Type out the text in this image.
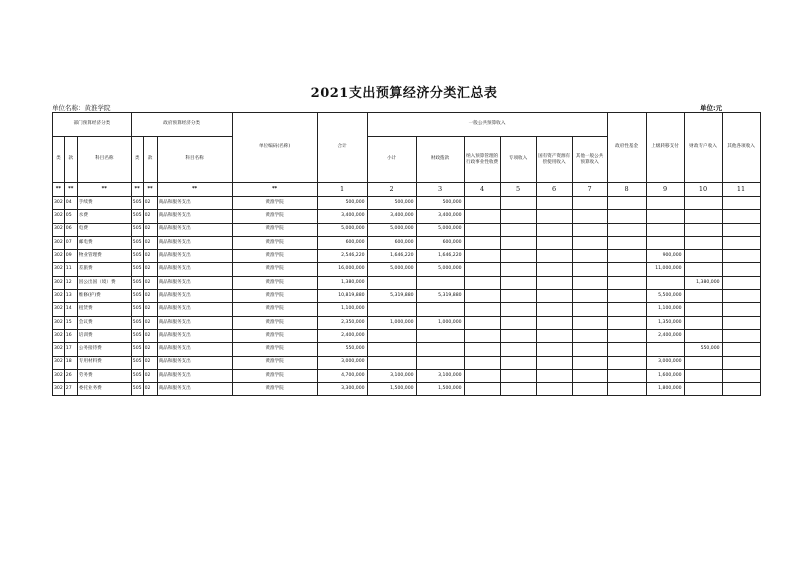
2021支出预算经济分类汇总表
单位名称：黄淮学院	单位:元
部门预算经济分类			政府预算经济分类			单位编码(名称)	合计	一般公共预算收入						政府性基金	上级转移支付	财政专户收入	其他各项收入
类	款	科目名称	类	款	科目名称			小计	财政拨款	纳入预算管理的行政事业性收费	专项收入	国有资产资源有偿使用收入	其他一般公共预算收入				
**	**	**	**	**	**	**	1	2	3	4	5	6	7	8	9	10	11
302	04	手续费	505	02	商品和服务支出	黄淮学院	500,000	500,000	500,000								
302	05	水费	505	02	商品和服务支出	黄淮学院	3,400,000	3,400,000	3,400,000								
302	06	电费	505	02	商品和服务支出	黄淮学院	5,000,000	5,000,000	5,000,000								
302	07	邮电费	505	02	商品和服务支出	黄淮学院	600,000	600,000	600,000								
302	09	物业管理费	505	02	商品和服务支出	黄淮学院	2,546,220	1,646,220	1,646,220						900,000		
302	11	差旅费	505	02	商品和服务支出	黄淮学院	16,000,000	5,000,000	5,000,000						11,000,000		
302	12	因公出国（境）费	505	02	商品和服务支出	黄淮学院	1,380,000									1,380,000	
302	13	维修(护)费	505	02	商品和服务支出	黄淮学院	10,819,880	5,319,880	5,319,880						5,500,000		
302	14	租赁费	505	02	商品和服务支出	黄淮学院	1,100,000								1,100,000		
302	15	会议费	505	02	商品和服务支出	黄淮学院	2,350,000	1,000,000	1,000,000						1,350,000		
302	16	培训费	505	02	商品和服务支出	黄淮学院	2,400,000								2,400,000		
302	17	公务接待费	505	02	商品和服务支出	黄淮学院	550,000									550,000	
302	18	专用材料费	505	02	商品和服务支出	黄淮学院	3,000,000								3,000,000		
302	26	劳务费	505	02	商品和服务支出	黄淮学院	4,700,000	3,100,000	3,100,000						1,600,000		
302	27	委托业务费	505	02	商品和服务支出	黄淮学院	3,300,000	1,500,000	1,500,000						1,800,000		
